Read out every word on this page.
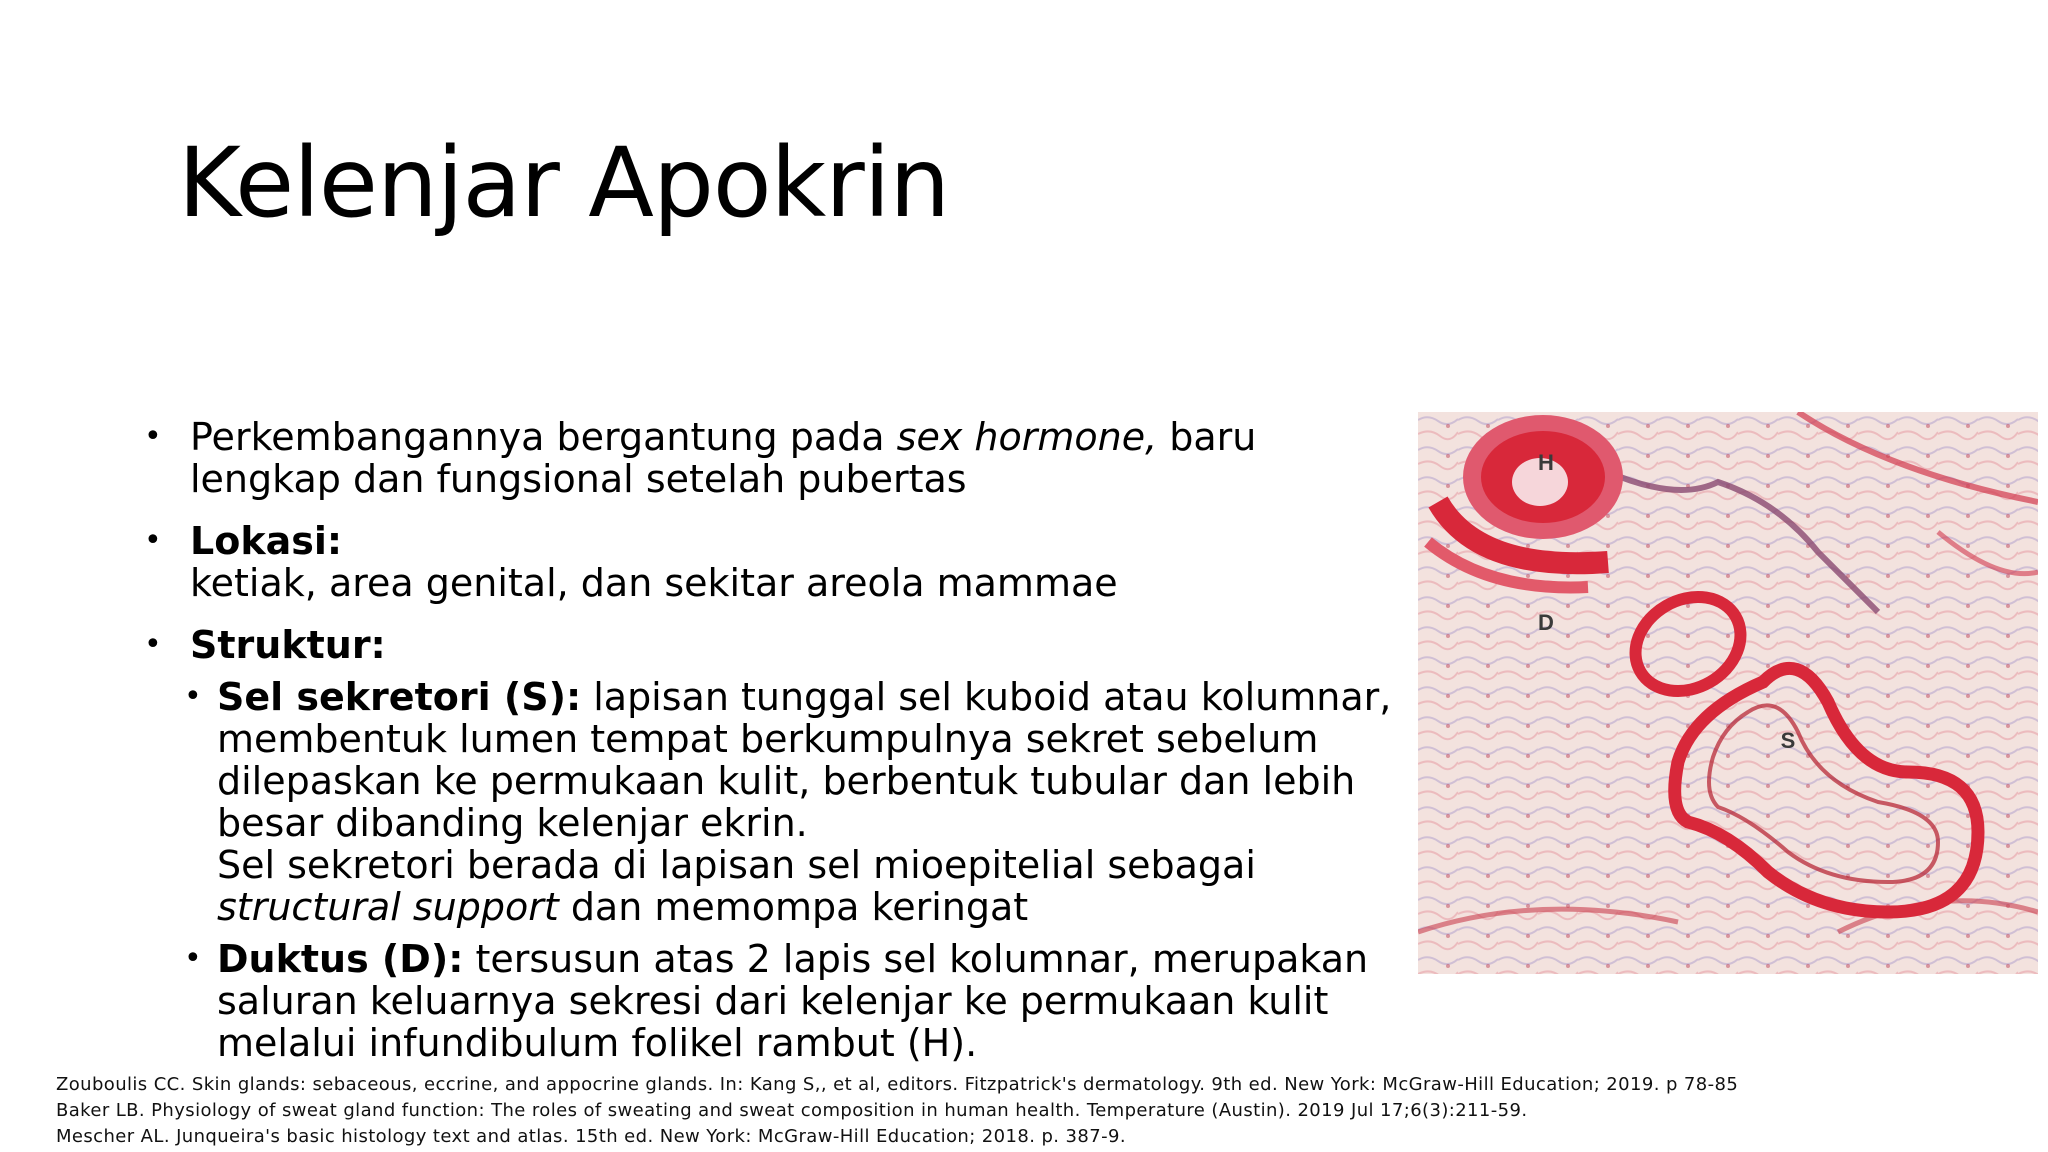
Kelenjar Apokrin
• Perkembangannya bergantung pada sex hormone, baru lengkap dan fungsional setelah pubertas
• Lokasi:
ketiak, area genital, dan sekitar areola mammae
• Struktur:
• Sel sekretori (S): lapisan tunggal sel kuboid atau kolumnar, membentuk lumen tempat berkumpulnya sekret sebelum dilepaskan ke permukaan kulit, berbentuk tubular dan lebih besar dibanding kelenjar ekrin.
Sel sekretori berada di lapisan sel mioepitelial sebagai structural support dan memompa keringat
• Duktus (D): tersusun atas 2 lapis sel kolumnar, merupakan saluran keluarnya sekresi dari kelenjar ke permukaan kulit melalui infundibulum folikel rambut (H).
H
D
S
Zouboulis CC. Skin glands: sebaceous, eccrine, and appocrine glands. In: Kang S,, et al, editors. Fitzpatrick's dermatology. 9th ed. New York: McGraw-Hill Education; 2019. p 78-85
Baker LB. Physiology of sweat gland function: The roles of sweating and sweat composition in human health. Temperature (Austin). 2019 Jul 17;6(3):211-59.
Mescher AL. Junqueira's basic histology text and atlas. 15th ed. New York: McGraw-Hill Education; 2018. p. 387-9.
